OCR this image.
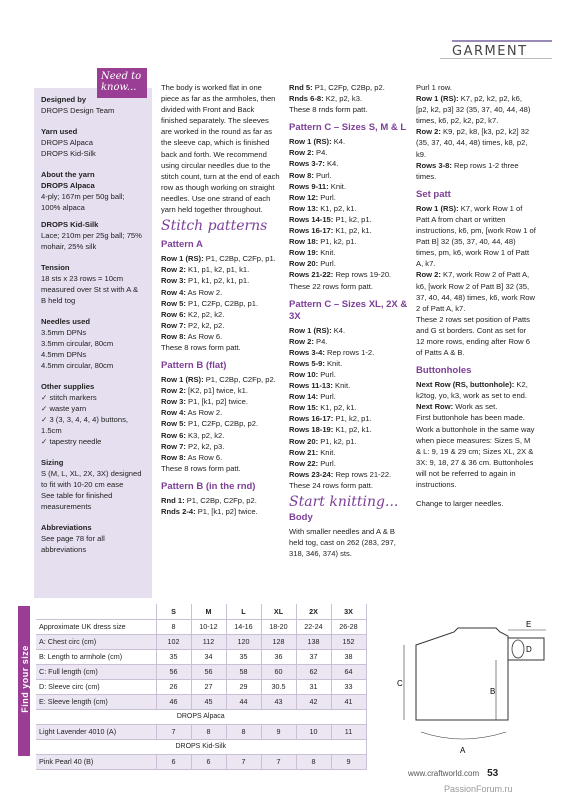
GARMENT
Designed by
DROPS Design Team
Yarn used
DROPS Alpaca
DROPS Kid-Silk
About the yarn
DROPS Alpaca
4-ply; 167m per 50g ball; 100% alpaca
DROPS Kid-Silk
Lace; 210m per 25g ball; 75% mohair, 25% silk
Tension
18 sts x 23 rows = 10cm measured over St st with A & B held tog
Needles used
3.5mm DPNs
3.5mm circular, 80cm
4.5mm DPNs
4.5mm circular, 80cm
Other supplies
✓ stitch markers
✓ waste yarn
✓ 3 (3, 3, 4, 4, 4) buttons, 1.5cm
✓ tapestry needle
Sizing
S (M, L, XL, 2X, 3X) designed to fit with 10-20 cm ease
See table for finished measurements
Abbreviations
See page 78 for all abbreviations
Need to know...	The body is worked flat in one piece as far as the armholes, then divided with Front and Back finished separately. The sleeves are worked in the round as far as the sleeve cap, which is finished back and forth. We recommend using circular needles due to the stitch count, turn at the end of each row as though working on straight needles. Use one strand of each yarn held together throughout.
Stitch patterns
Pattern A
Row 1 (RS): P1, C2Bp, C2Fp, p1.
Row 2: K1, p1, k2, p1, k1.
Row 3: P1, k1, p2, k1, p1.
Row 4: As Row 2.
Row 5: P1, C2Fp, C2Bp, p1.
Row 6: K2, p2, k2.
Row 7: P2, k2, p2.
Row 8: As Row 6.
These 8 rows form patt.
Pattern B (flat)
Row 1 (RS): P1, C2Bp, C2Fp, p2.
Row 2: [K2, p1] twice, k1.
Row 3: P1, [k1, p2] twice.
Row 4: As Row 2.
Row 5: P1, C2Fp, C2Bp, p2.
Row 6: K3, p2, k2.
Row 7: P2, k2, p3.
Row 8: As Row 6.
These 8 rows form patt.
Pattern B (in the rnd)
Rnd 1: P1, C2Bp, C2Fp, p2.
Rnds 2-4: P1, [k1, p2] twice.
Rnd 5: P1, C2Fp, C2Bp, p2.
Rnds 6-8: K2, p2, k3.
These 8 rnds form patt.
Pattern C – Sizes S, M & L
Row 1 (RS): K4.
Row 2: P4.
Rows 3-7: K4.
Row 8: Purl.
Rows 9-11: Knit.
Row 12: Purl.
Row 13: K1, p2, k1.
Rows 14-15: P1, k2, p1.
Rows 16-17: K1, p2, k1.
Row 18: P1, k2, p1.
Row 19: Knit.
Row 20: Purl.
Rows 21-22: Rep rows 19-20.
These 22 rows form patt.
Pattern C – Sizes XL, 2X & 3X
Row 1 (RS): K4.
Row 2: P4.
Rows 3-4: Rep rows 1-2.
Rows 5-9: Knit.
Row 10: Purl.
Rows 11-13: Knit.
Row 14: Purl.
Row 15: K1, p2, k1.
Rows 16-17: P1, k2, p1.
Rows 18-19: K1, p2, k1.
Row 20: P1, k2, p1.
Row 21: Knit.
Row 22: Purl.
Rows 23-24: Rep rows 21-22.
These 24 rows form patt.
Start knitting...
Body
With smaller needles and A & B held tog, cast on 262 (283, 297, 318, 346, 374) sts.
Purl 1 row.
Row 1 (RS): K7, p2, k2, p2, k6, [p2, k2, p3] 32 (35, 37, 40, 44, 48) times, k6, p2, k2, p2, k7.
Row 2: K9, p2, k8, [k3, p2, k2] 32 (35, 37, 40, 44, 48) times, k8, p2, k9.
Rows 3-8: Rep rows 1-2 three times.
Set patt
Row 1 (RS): K7, work Row 1 of Patt A from chart or written instructions, k6, pm, [work Row 1 of Patt B] 32 (35, 37, 40, 44, 48) times, pm, k6, work Row 1 of Patt A, k7.
Row 2: K7, work Row 2 of Patt A, k6, [work Row 2 of Patt B] 32 (35, 37, 40, 44, 48) times, k6, work Row 2 of Patt A, k7.
These 2 rows set position of Patts and G st borders. Cont as set for 12 more rows, ending after Row 6 of Patts A & B.
Buttonholes
Next Row (RS, buttonhole): K2, k2tog, yo, k3, work as set to end.
Next Row: Work as set.
First buttonhole has been made. Work a buttonhole in the same way when piece measures: Sizes S, M & L: 9, 19 & 29 cm; Sizes XL, 2X & 3X: 9, 18, 27 & 36 cm. Buttonholes will not be referred to again in instructions.
Change to larger needles.
Find your size
	S	M	L	XL	2X	3X
Approximate UK dress size	8	10-12	14-16	18-20	22-24	26-28
A: Chest circ (cm)	102	112	120	128	138	152
B: Length to armhole (cm)	35	34	35	36	37	38
C: Full length (cm)	56	56	58	60	62	64
D: Sleeve circ (cm)	26	27	29	30.5	31	33
E: Sleeve length (cm)	46	45	44	43	42	41
DROPS Alpaca						
Light Lavender 4010 (A)	7	8	8	9	10	11
DROPS Kid-Silk						
Pink Pearl 40 (B)	6	6	7	7	8	9
A
B
C
D
E
www.craftworld.com 53
PassionForum.ru
